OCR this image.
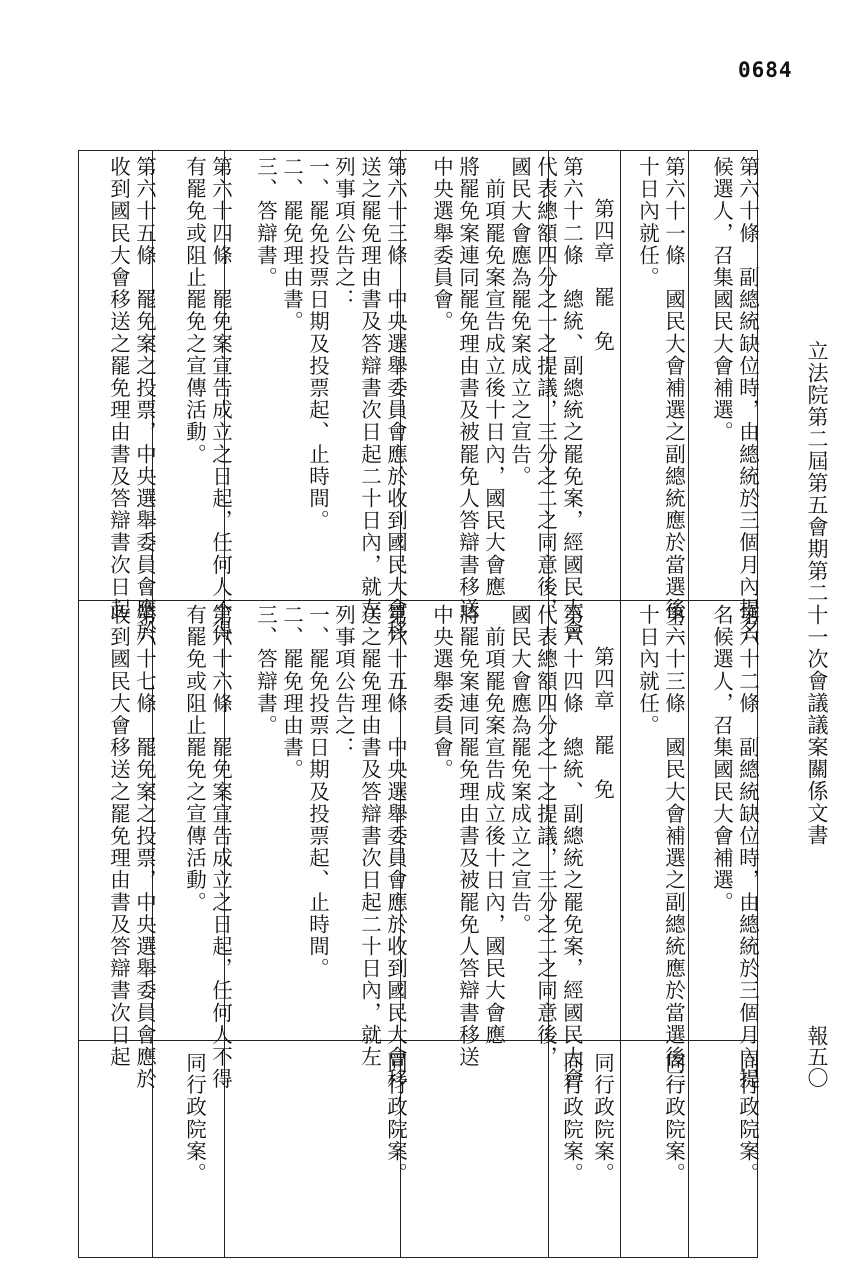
0684
立法院第二屆第五會期第二十一次會議議案關係文書
報五〇
第六十條　副總統缺位時，由總統於三個月內提名
候選人，召集國民大會補選。
第六十一條　國民大會補選之副總統應於當選後二
十日內就任。
第四章　罷　免
第六十二條　總統、副總統之罷免案，經國民大會
代表總額四分之一之提議，三分之二之同意後，
國民大會應為罷免案成立之宣告。
　前項罷免案宣告成立後十日內，國民大會應
將罷免案連同罷免理由書及被罷免人答辯書移送
中央選舉委員會。
第六十三條　中央選舉委員會應於收到國民大會移
送之罷免理由書及答辯書次日起二十日內，就左
列事項公告之：
一、罷免投票日期及投票起、止時間。
二、罷免理由書。
三、答辯書。
第六十四條　罷免案宣告成立之日起，任何人不得
有罷免或阻止罷免之宣傳活動。
第六十五條　罷免案之投票，中央選舉委員會應於
收到國民大會移送之罷免理由書及答辯書次日起
第六十二條　副總統缺位時，由總統於三個月內提
名候選人，召集國民大會補選。
第六十三條　國民大會補選之副總統應於當選後二
十日內就任。
第四章　罷　免
第六十四條　總統、副總統之罷免案，經國民大會
代表總額四分之一之提議，三分之二之同意後，
國民大會應為罷免案成立之宣告。
　前項罷免案宣告成立後十日內，國民大會應
將罷免案連同罷免理由書及被罷免人答辯書移送
中央選舉委員會。
第六十五條　中央選舉委員會應於收到國民大會移
送之罷免理由書及答辯書次日起二十日內，就左
列事項公告之：
一、罷免投票日期及投票起、止時間。
二、罷免理由書。
三、答辯書。
第六十六條　罷免案宣告成立之日起，任何人不得
有罷免或阻止罷免之宣傳活動。
第六十七條　罷免案之投票，中央選舉委員會應於
收到國民大會移送之罷免理由書及答辯書次日起
同行政院案。
同行政院案。
同行政院案。
同行政院案。
同行政院案。
同行政院案。
